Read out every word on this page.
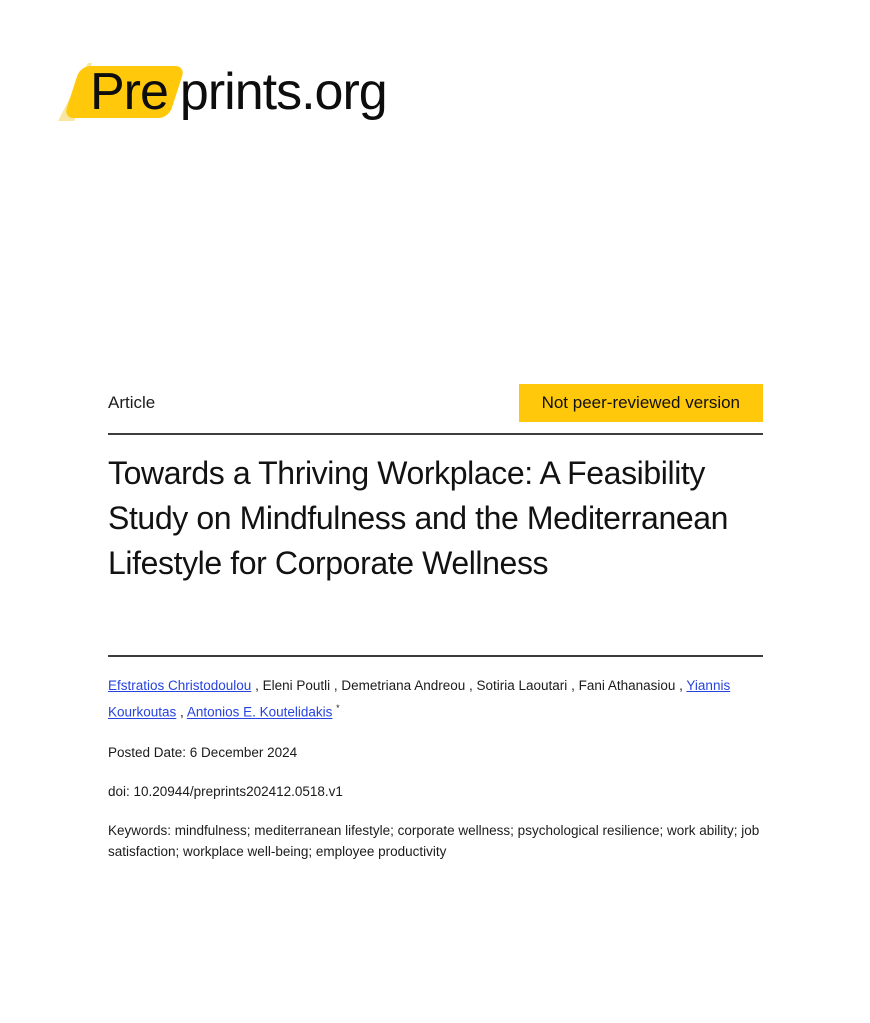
Pre prints.org
Article	Not peer-reviewed version
Towards a Thriving Workplace: A Feasibility Study on Mindfulness and the Mediterranean Lifestyle for Corporate Wellness

Efstratios Christodoulou , Eleni Poutli , Demetriana Andreou , Sotiria Laoutari , Fani Athanasiou , Yiannis Kourkoutas , Antonios E. Koutelidakis *

Posted Date: 6 December 2024

doi: 10.20944/preprints202412.0518.v1

Keywords: mindfulness; mediterranean lifestyle; corporate wellness; psychological resilience; work ability; job satisfaction; workplace well-being; employee productivity
